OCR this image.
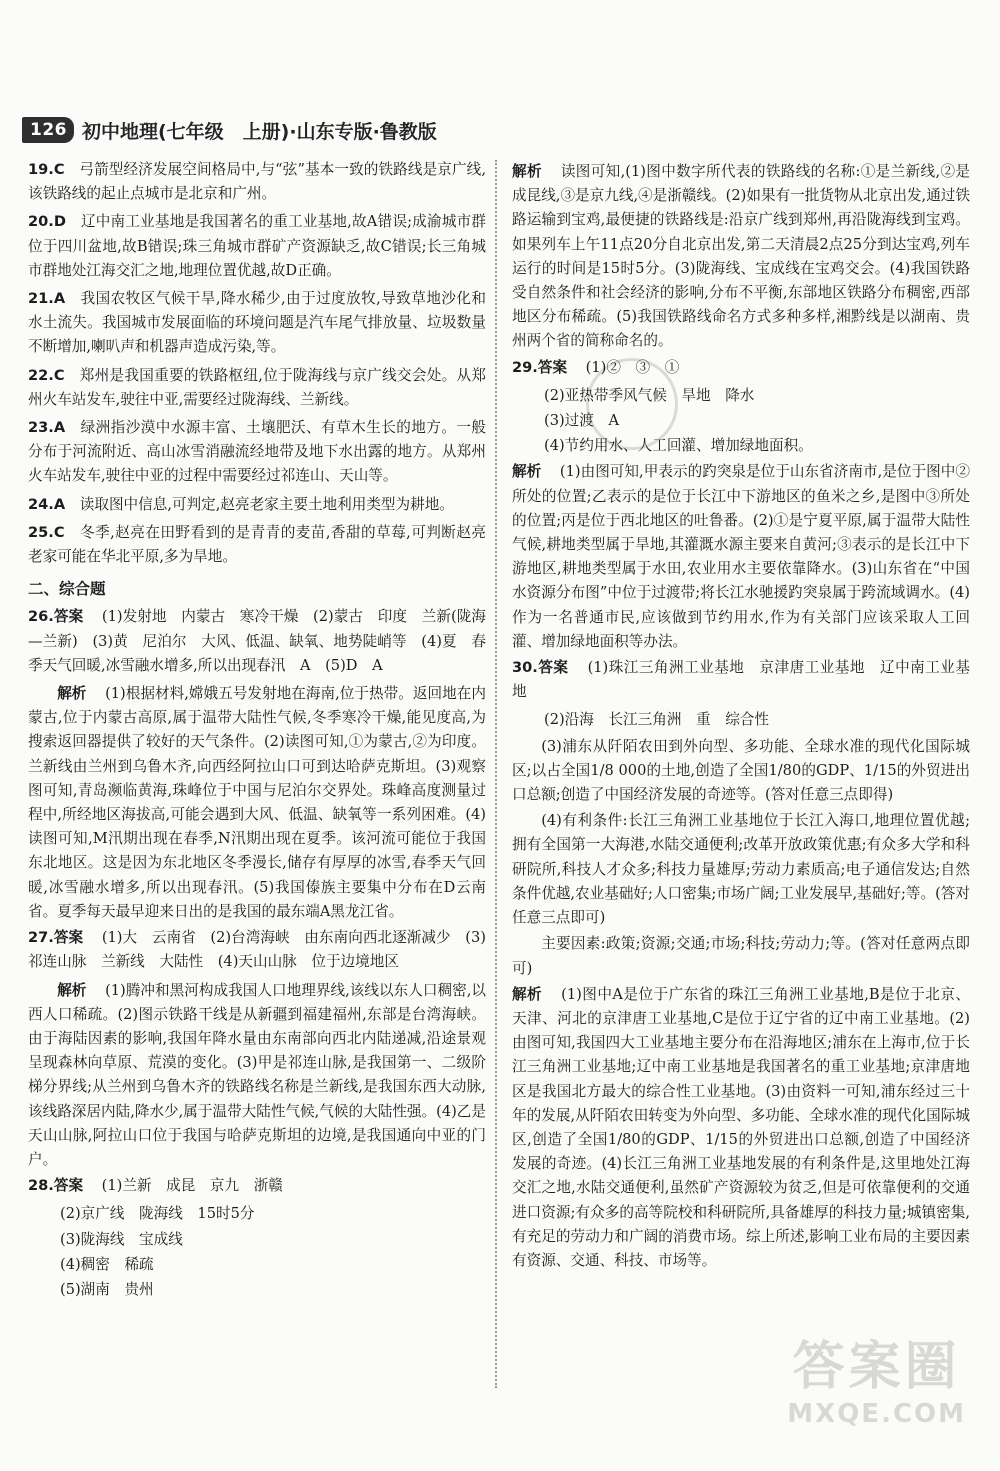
126 初中地理(七年级　上册)·山东专版·鲁教版

19.C　 弓箭型经济发展空间格局中,与“弦”基本一致的铁路线是京广线,该铁路线的起止点城市是北京和广州。

20.D　 辽中南工业基地是我国著名的重工业基地,故A错误;成渝城市群位于四川盆地,故B错误;珠三角城市群矿产资源缺乏,故C错误;长三角城市群地处江海交汇之地,地理位置优越,故D正确。

21.A　 我国农牧区气候干旱,降水稀少,由于过度放牧,导致草地沙化和水土流失。我国城市发展面临的环境问题是汽车尾气排放量、垃圾数量不断增加,喇叭声和机器声造成污染,等。

22.C　 郑州是我国重要的铁路枢纽,位于陇海线与京广线交会处。从郑州火车站发车,驶往中亚,需要经过陇海线、兰新线。

23.A　 绿洲指沙漠中水源丰富、土壤肥沃、有草木生长的地方。一般分布于河流附近、高山冰雪消融流经地带及地下水出露的地方。从郑州火车站发车,驶往中亚的过程中需要经过祁连山、天山等。

24.A　 读取图中信息,可判定,赵亮老家主要土地利用类型为耕地。

25.C　 冬季,赵亮在田野看到的是青青的麦苗,香甜的草莓,可判断赵亮老家可能在华北平原,多为旱地。

二、综合题

26.答案　 (1)发射地　内蒙古　寒冷干燥　(2)蒙古　印度　兰新(陇海—兰新)　(3)黄　尼泊尔　大风、低温、缺氧、地势陡峭等　(4)夏　春季天气回暖,冰雪融水增多,所以出现春汛　A　(5)D　A

解析　 (1)根据材料,嫦娥五号发射地在海南,位于热带。返回地在内蒙古,位于内蒙古高原,属于温带大陆性气候,冬季寒冷干燥,能见度高,为搜索返回器提供了较好的天气条件。(2)读图可知,①为蒙古,②为印度。兰新线由兰州到乌鲁木齐,向西经阿拉山口可到达哈萨克斯坦。(3)观察图可知,青岛濒临黄海,珠峰位于中国与尼泊尔交界处。珠峰高度测量过程中,所经地区海拔高,可能会遇到大风、低温、缺氧等一系列困难。(4)读图可知,M汛期出现在春季,N汛期出现在夏季。该河流可能位于我国东北地区。这是因为东北地区冬季漫长,储存有厚厚的冰雪,春季天气回暖,冰雪融水增多,所以出现春汛。(5)我国傣族主要集中分布在D云南省。夏季每天最早迎来日出的是我国的最东端A黑龙江省。

27.答案　 (1)大　云南省　(2)台湾海峡　由东南向西北逐渐减少　(3)祁连山脉　兰新线　大陆性　(4)天山山脉　位于边境地区

解析　 (1)腾冲和黑河构成我国人口地理界线,该线以东人口稠密,以西人口稀疏。(2)图示铁路干线是从新疆到福建福州,东部是台湾海峡。由于海陆因素的影响,我国年降水量由东南部向西北内陆递减,沿途景观呈现森林向草原、荒漠的变化。(3)甲是祁连山脉,是我国第一、二级阶梯分界线;从兰州到乌鲁木齐的铁路线名称是兰新线,是我国东西大动脉,该线路深居内陆,降水少,属于温带大陆性气候,气候的大陆性强。(4)乙是天山山脉,阿拉山口位于我国与哈萨克斯坦的边境,是我国通向中亚的门户。

28.答案　 (1)兰新　成昆　京九　浙赣

(2)京广线　陇海线　15时5分

(3)陇海线　宝成线

(4)稠密　稀疏

(5)湖南　贵州

解析　 读图可知,(1)图中数字所代表的铁路线的名称:①是兰新线,②是成昆线,③是京九线,④是浙赣线。(2)如果有一批货物从北京出发,通过铁路运输到宝鸡,最便捷的铁路线是:沿京广线到郑州,再沿陇海线到宝鸡。如果列车上午11点20分自北京出发,第二天清晨2点25分到达宝鸡,列车运行的时间是15时5分。(3)陇海线、宝成线在宝鸡交会。(4)我国铁路受自然条件和社会经济的影响,分布不平衡,东部地区铁路分布稠密,西部地区分布稀疏。(5)我国铁路线命名方式多种多样,湘黔线是以湖南、贵州两个省的简称命名的。

29.答案　 (1)②　③　①

(2)亚热带季风气候　旱地　降水

(3)过渡　A

(4)节约用水、人工回灌、增加绿地面积。

解析　 (1)由图可知,甲表示的趵突泉是位于山东省济南市,是位于图中②所处的位置;乙表示的是位于长江中下游地区的鱼米之乡,是图中③所处的位置;丙是位于西北地区的吐鲁番。(2)①是宁夏平原,属于温带大陆性气候,耕地类型属于旱地,其灌溉水源主要来自黄河;③表示的是长江中下游地区,耕地类型属于水田,农业用水主要依靠降水。(3)山东省在“中国水资源分布图”中位于过渡带;将长江水驰援趵突泉属于跨流域调水。(4)作为一名普通市民,应该做到节约用水,作为有关部门应该采取人工回灌、增加绿地面积等办法。

30.答案　 (1)珠江三角洲工业基地　京津唐工业基地　辽中南工业基地

(2)沿海　长江三角洲　重　综合性

(3)浦东从阡陌农田到外向型、多功能、全球水准的现代化国际城区;以占全国1/8 000的土地,创造了全国1/80的GDP、1/15的外贸进出口总额;创造了中国经济发展的奇迹等。(答对任意三点即得)

(4)有利条件:长江三角洲工业基地位于长江入海口,地理位置优越;拥有全国第一大海港,水陆交通便利;改革开放政策优惠;有众多大学和科研院所,科技人才众多;科技力量雄厚;劳动力素质高;电子通信发达;自然条件优越,农业基础好;人口密集;市场广阔;工业发展早,基础好;等。(答对任意三点即可)

主要因素:政策;资源;交通;市场;科技;劳动力;等。(答对任意两点即可)

解析　 (1)图中A是位于广东省的珠江三角洲工业基地,B是位于北京、天津、河北的京津唐工业基地,C是位于辽宁省的辽中南工业基地。(2)由图可知,我国四大工业基地主要分布在沿海地区;浦东在上海市,位于长江三角洲工业基地;辽中南工业基地是我国著名的重工业基地;京津唐地区是我国北方最大的综合性工业基地。(3)由资料一可知,浦东经过三十年的发展,从阡陌农田转变为外向型、多功能、全球水准的现代化国际城区,创造了全国1/80的GDP、1/15的外贸进出口总额,创造了中国经济发展的奇迹。(4)长江三角洲工业基地发展的有利条件是,这里地处江海交汇之地,水陆交通便利,虽然矿产资源较为贫乏,但是可依靠便利的交通进口资源;有众多的高等院校和科研院所,具备雄厚的科技力量;城镇密集,有充足的劳动力和广阔的消费市场。综上所述,影响工业布局的主要因素有资源、交通、科技、市场等。

答案圈
MXQE.COM
